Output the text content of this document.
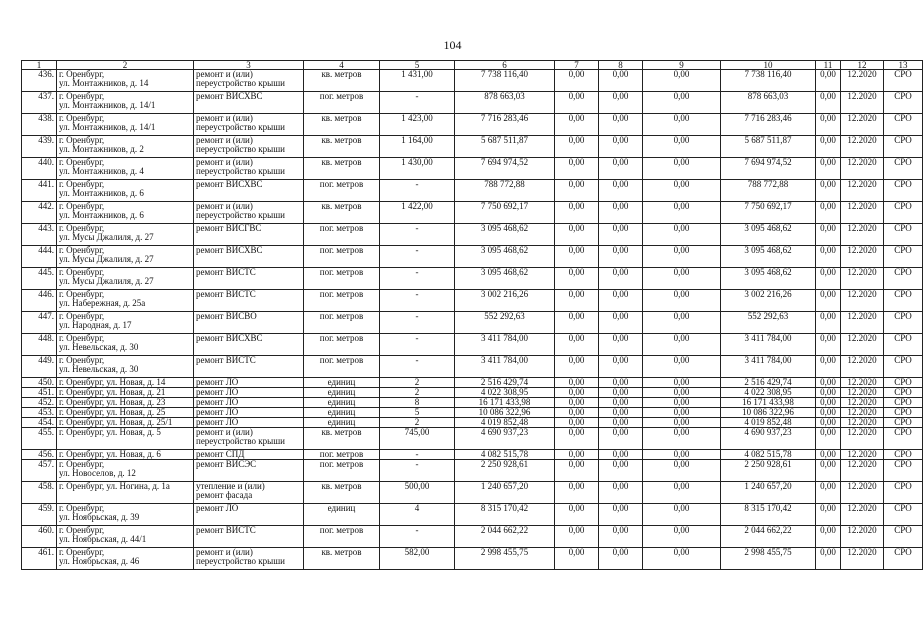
104
1	2	3	4	5	6	7	8	9	10	11	12	13
436.	г. Оренбург,
ул. Монтажников, д. 14	ремонт и (или)
переустройство крыши	кв. метров	1 431,00	7 738 116,40	0,00	0,00	0,00	7 738 116,40	0,00	12.2020	СРО
437.	г. Оренбург,
ул. Монтажников, д. 14/1	ремонт ВИСХВС	пог. метров	-	878 663,03	0,00	0,00	0,00	878 663,03	0,00	12.2020	СРО
438.	г. Оренбург,
ул. Монтажников, д. 14/1	ремонт и (или)
переустройство крыши	кв. метров	1 423,00	7 716 283,46	0,00	0,00	0,00	7 716 283,46	0,00	12.2020	СРО
439.	г. Оренбург,
ул. Монтажников, д. 2	ремонт и (или)
переустройство крыши	кв. метров	1 164,00	5 687 511,87	0,00	0,00	0,00	5 687 511,87	0,00	12.2020	СРО
440.	г. Оренбург,
ул. Монтажников, д. 4	ремонт и (или)
переустройство крыши	кв. метров	1 430,00	7 694 974,52	0,00	0,00	0,00	7 694 974,52	0,00	12.2020	СРО
441.	г. Оренбург,
ул. Монтажников, д. 6	ремонт ВИСХВС	пог. метров	-	788 772,88	0,00	0,00	0,00	788 772,88	0,00	12.2020	СРО
442.	г. Оренбург,
ул. Монтажников, д. 6	ремонт и (или)
переустройство крыши	кв. метров	1 422,00	7 750 692,17	0,00	0,00	0,00	7 750 692,17	0,00	12.2020	СРО
443.	г. Оренбург,
ул. Мусы Джалиля, д. 27	ремонт ВИСГВС	пог. метров	-	3 095 468,62	0,00	0,00	0,00	3 095 468,62	0,00	12.2020	СРО
444.	г. Оренбург,
ул. Мусы Джалиля, д. 27	ремонт ВИСХВС	пог. метров	-	3 095 468,62	0,00	0,00	0,00	3 095 468,62	0,00	12.2020	СРО
445.	г. Оренбург,
ул. Мусы Джалиля, д. 27	ремонт ВИСТС	пог. метров	-	3 095 468,62	0,00	0,00	0,00	3 095 468,62	0,00	12.2020	СРО
446.	г. Оренбург,
ул. Набережная, д. 25а	ремонт ВИСТС	пог. метров	-	3 002 216,26	0,00	0,00	0,00	3 002 216,26	0,00	12.2020	СРО
447.	г. Оренбург,
ул. Народная, д. 17	ремонт ВИСВО	пог. метров	-	552 292,63	0,00	0,00	0,00	552 292,63	0,00	12.2020	СРО
448.	г. Оренбург,
ул. Невельская, д. 30	ремонт ВИСХВС	пог. метров	-	3 411 784,00	0,00	0,00	0,00	3 411 784,00	0,00	12.2020	СРО
449.	г. Оренбург,
ул. Невельская, д. 30	ремонт ВИСТС	пог. метров	-	3 411 784,00	0,00	0,00	0,00	3 411 784,00	0,00	12.2020	СРО
450.	г. Оренбург, ул. Новая, д. 14	ремонт ЛО	единиц	2	2 516 429,74	0,00	0,00	0,00	2 516 429,74	0,00	12.2020	СРО
451.	г. Оренбург, ул. Новая, д. 21	ремонт ЛО	единиц	2	4 022 308,95	0,00	0,00	0,00	4 022 308,95	0,00	12.2020	СРО
452.	г. Оренбург, ул. Новая, д. 23	ремонт ЛО	единиц	8	16 171 433,98	0,00	0,00	0,00	16 171 433,98	0,00	12.2020	СРО
453.	г. Оренбург, ул. Новая, д. 25	ремонт ЛО	единиц	5	10 086 322,96	0,00	0,00	0,00	10 086 322,96	0,00	12.2020	СРО
454.	г. Оренбург, ул. Новая, д. 25/1	ремонт ЛО	единиц	2	4 019 852,48	0,00	0,00	0,00	4 019 852,48	0,00	12.2020	СРО
455.	г. Оренбург, ул. Новая, д. 5	ремонт и (или)
переустройство крыши	кв. метров	745,00	4 690 937,23	0,00	0,00	0,00	4 690 937,23	0,00	12.2020	СРО
456.	г. Оренбург, ул. Новая, д. 6	ремонт СПД	пог. метров	-	4 082 515,78	0,00	0,00	0,00	4 082 515,78	0,00	12.2020	СРО
457.	г. Оренбург,
ул. Новоселов, д. 12	ремонт ВИСЭС	пог. метров	-	2 250 928,61	0,00	0,00	0,00	2 250 928,61	0,00	12.2020	СРО
458.	г. Оренбург, ул. Ногина, д. 1а	утепление и (или)
ремонт фасада	кв. метров	500,00	1 240 657,20	0,00	0,00	0,00	1 240 657,20	0,00	12.2020	СРО
459.	г. Оренбург,
ул. Ноябрьская, д. 39	ремонт ЛО	единиц	4	8 315 170,42	0,00	0,00	0,00	8 315 170,42	0,00	12.2020	СРО
460.	г. Оренбург,
ул. Ноябрьская, д. 44/1	ремонт ВИСТС	пог. метров	-	2 044 662,22	0,00	0,00	0,00	2 044 662,22	0,00	12.2020	СРО
461.	г. Оренбург,
ул. Ноябрьская, д. 46	ремонт и (или)
переустройство крыши	кв. метров	582,00	2 998 455,75	0,00	0,00	0,00	2 998 455,75	0,00	12.2020	СРО
